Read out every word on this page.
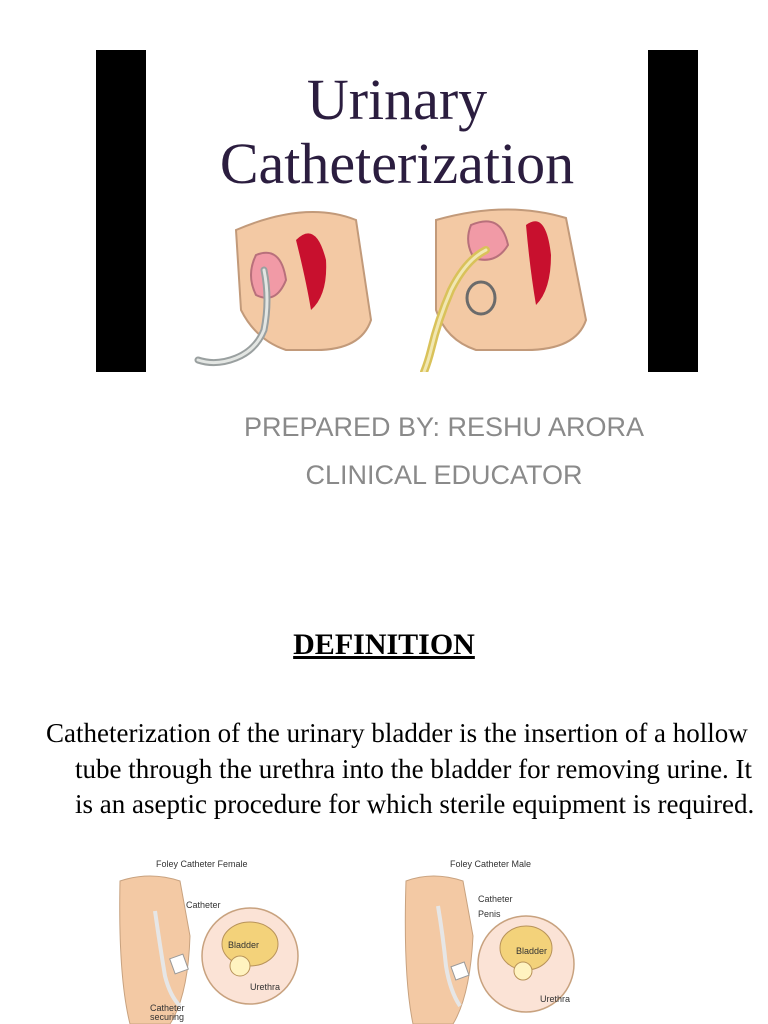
Urinary
Catheterization
PREPARED BY: RESHU ARORA
CLINICAL EDUCATOR
DEFINITION
Catheterization of the urinary bladder is the insertion of a hollow tube through the urethra into the bladder for removing urine. It is an aseptic procedure for which sterile equipment is required.
Foley Catheter Female
Catheter
Bladder
Urethra
Catheter securing
Foley Catheter Male
Catheter
Penis
Bladder
Urethra
